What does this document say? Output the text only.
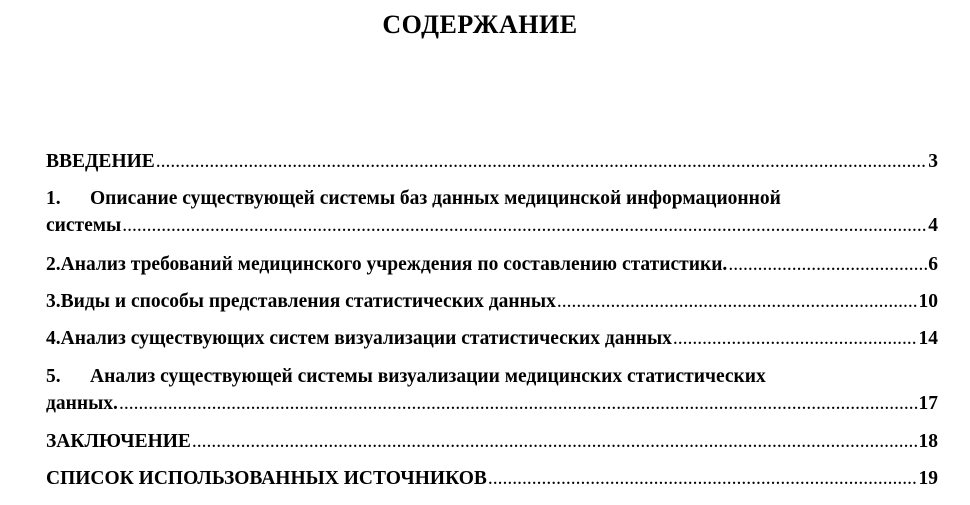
СОДЕРЖАНИЕ
ВВЕДЕНИЕ .....	3
1. Описание существующей системы баз данных медицинской информационной
системы .....	4
2. Анализ требований медицинского учреждения по составлению статистики. .....	6
3. Виды и способы представления статистических данных .....	10
4. Анализ существующих систем визуализации статистических данных .....	14
5. Анализ существующей системы визуализации медицинских статистических
данных. .....	17
ЗАКЛЮЧЕНИЕ .....	18
СПИСОК ИСПОЛЬЗОВАННЫХ ИСТОЧНИКОВ .....	19
